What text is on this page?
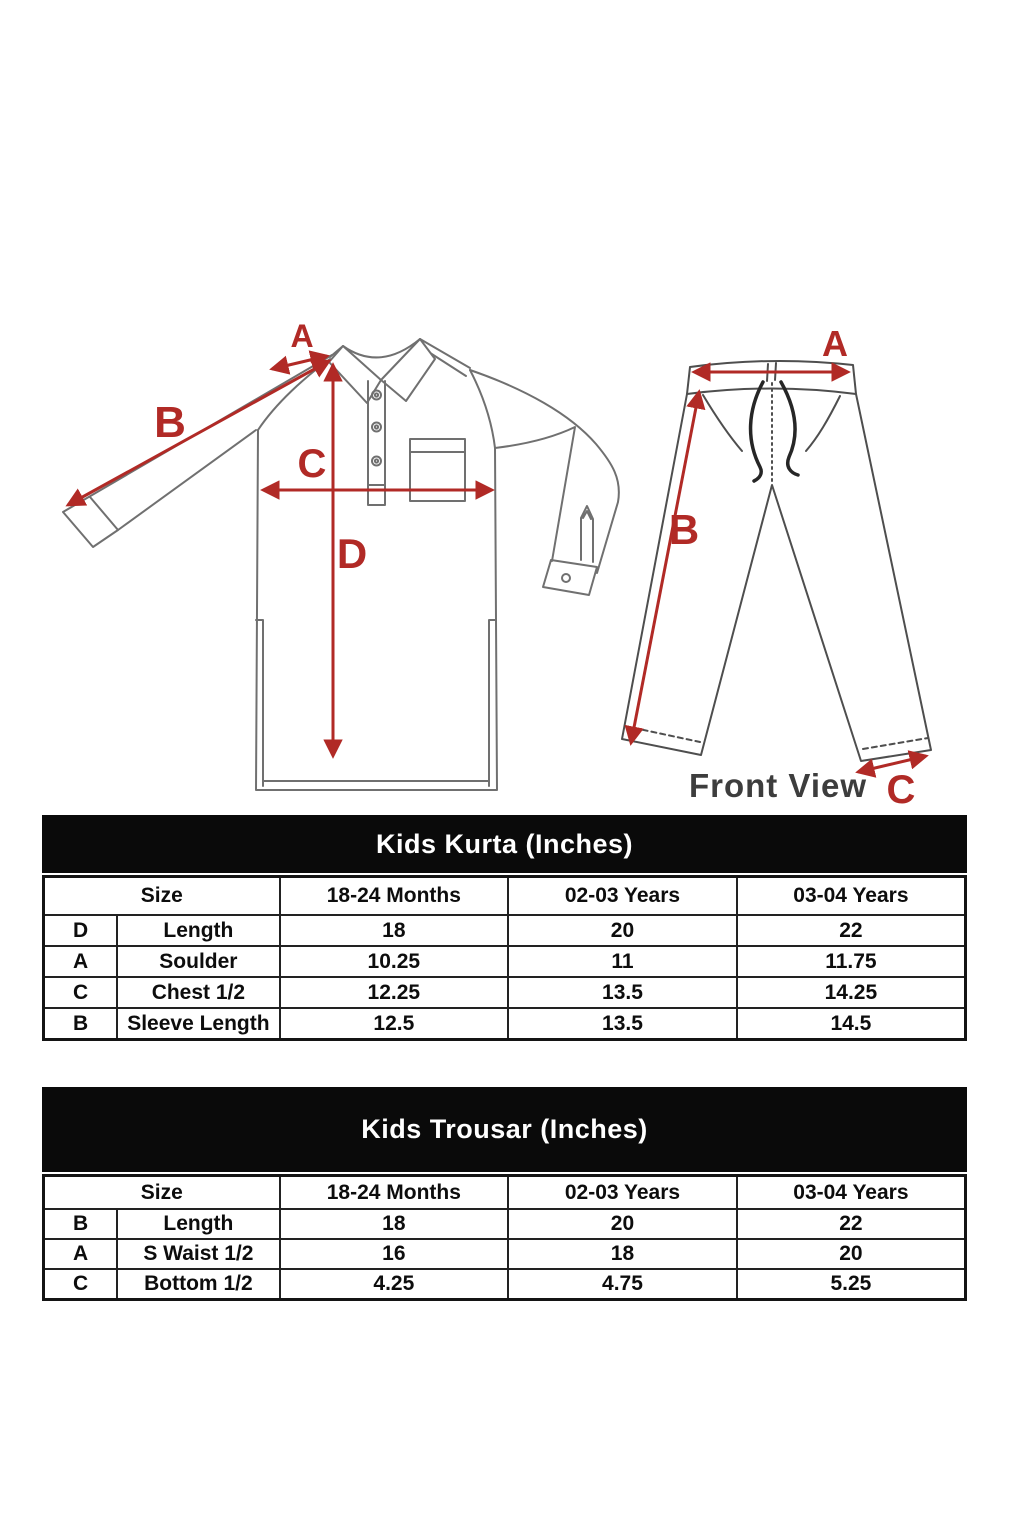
A
B
C
D
A
B
C
Front View
Kids Kurta (Inches)
Size		18-24 Months	02-03 Years	03-04 Years
D	Length	18	20	22
A	Soulder	10.25	11	11.75
C	Chest 1/2	12.25	13.5	14.25
B	Sleeve Length	12.5	13.5	14.5
Kids Trousar (Inches)
Size		18-24 Months	02-03 Years	03-04 Years
B	Length	18	20	22
A	S Waist 1/2	16	18	20
C	Bottom 1/2	4.25	4.75	5.25
